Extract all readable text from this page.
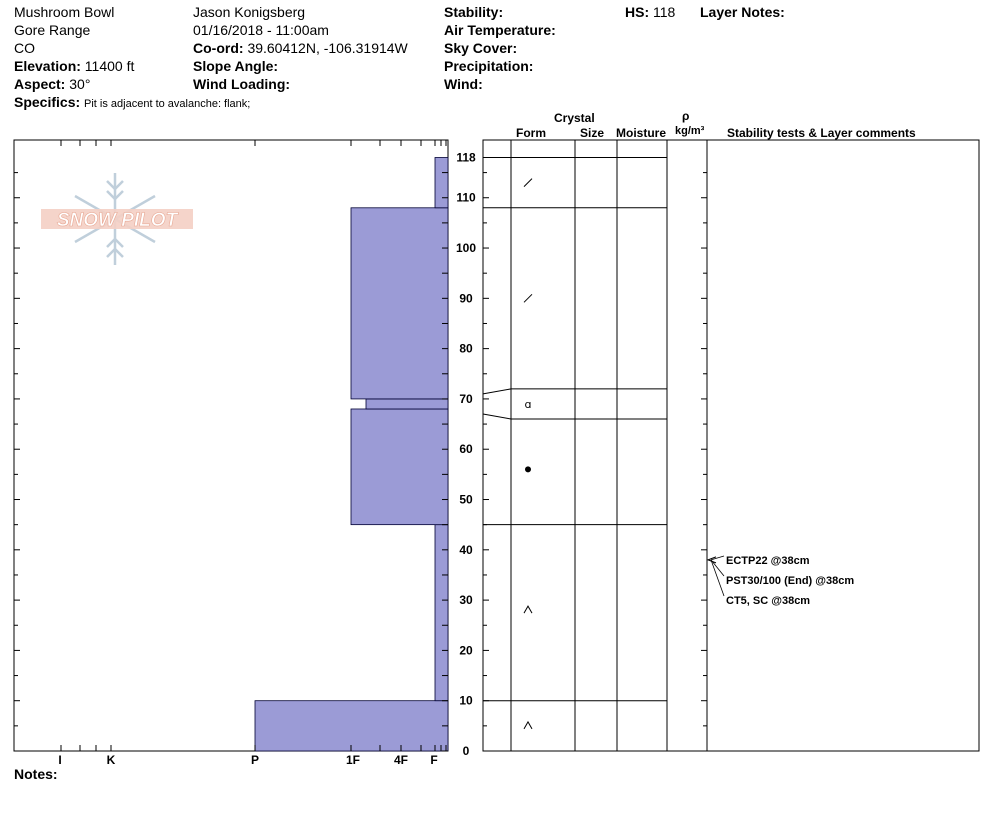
Mushroom Bowl
Gore Range
CO
Elevation: 11400 ft
Aspect: 30°
Specifics: Pit is adjacent to avalanche: flank;
Jason Konigsberg
01/16/2018 - 11:00am
Co-ord: 39.60412N, -106.31914W
Slope Angle:
Wind Loading:
Stability:
Air Temperature:
Sky Cover:
Precipitation:
Wind:
HS: 118 Layer Notes:
Crystal
Form	Size Moisture
ρ
kg/m³ Stability tests & Layer comments
Notes:
SNOW PILOT
I	K	P	1F	4F F
0
10
20
30
40
50
60
70
80
90
100
110
118
ɑ
ECTP22 @38cm
PST30/100 (End) @38cm
CT5, SC @38cm
